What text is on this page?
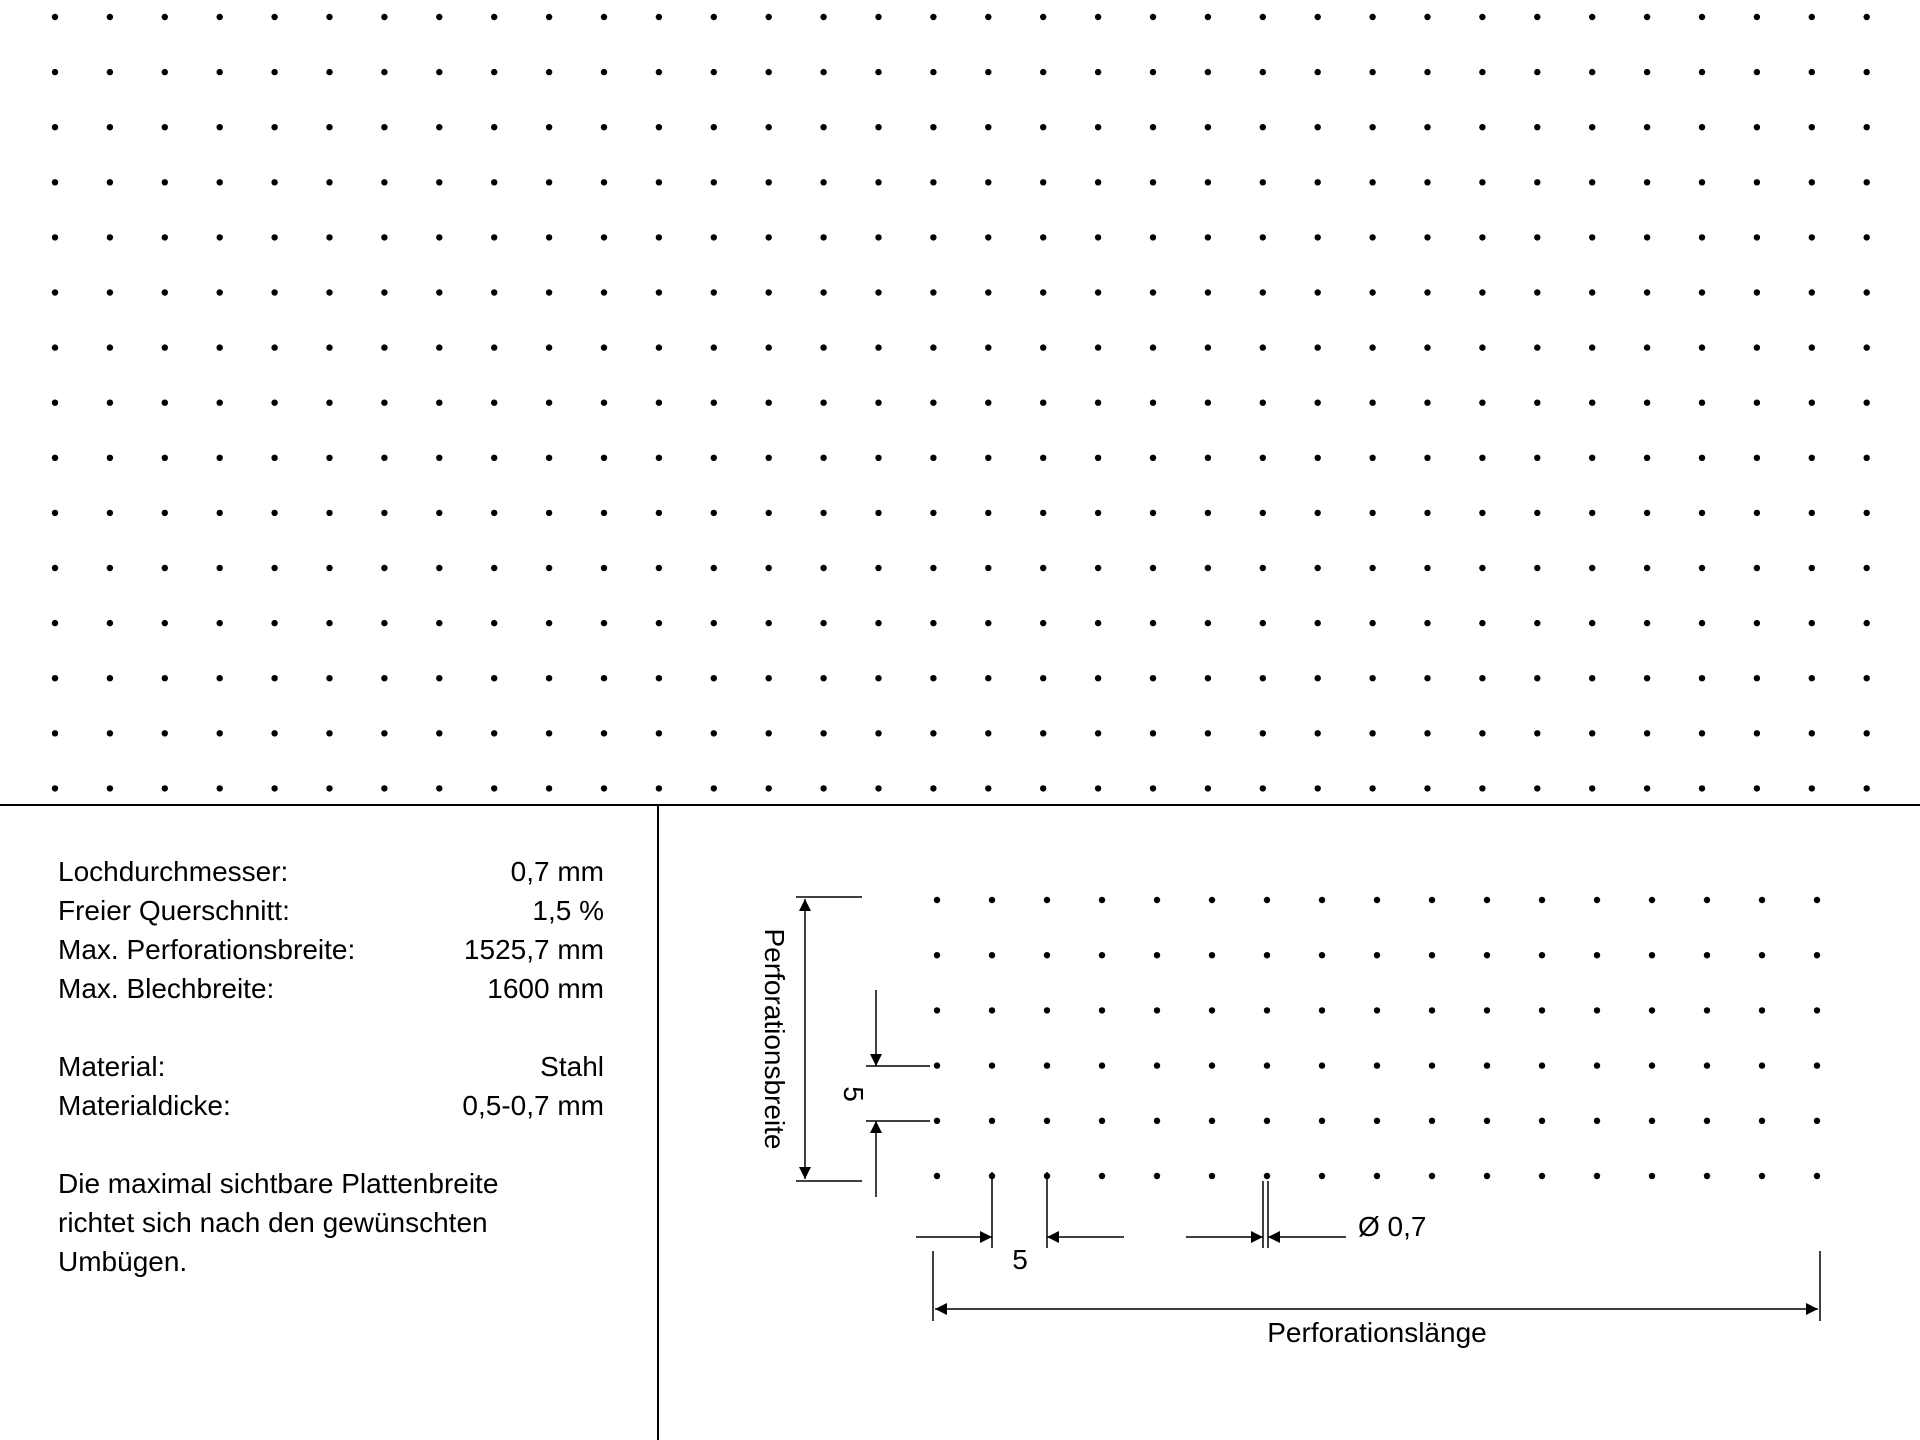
Lochdurchmesser:	0,7 mm
Freier Querschnitt:	1,5 %
Max. Perforationsbreite:	1525,7 mm
Max. Blechbreite:	1600 mm
Material:	Stahl
Materialdicke:	0,5-0,7 mm
Die maximal sichtbare Plattenbreite
richtet sich nach den gewünschten
Umbügen.
Perforationsbreite 5
5
Ø 0,7
Perforationslänge
